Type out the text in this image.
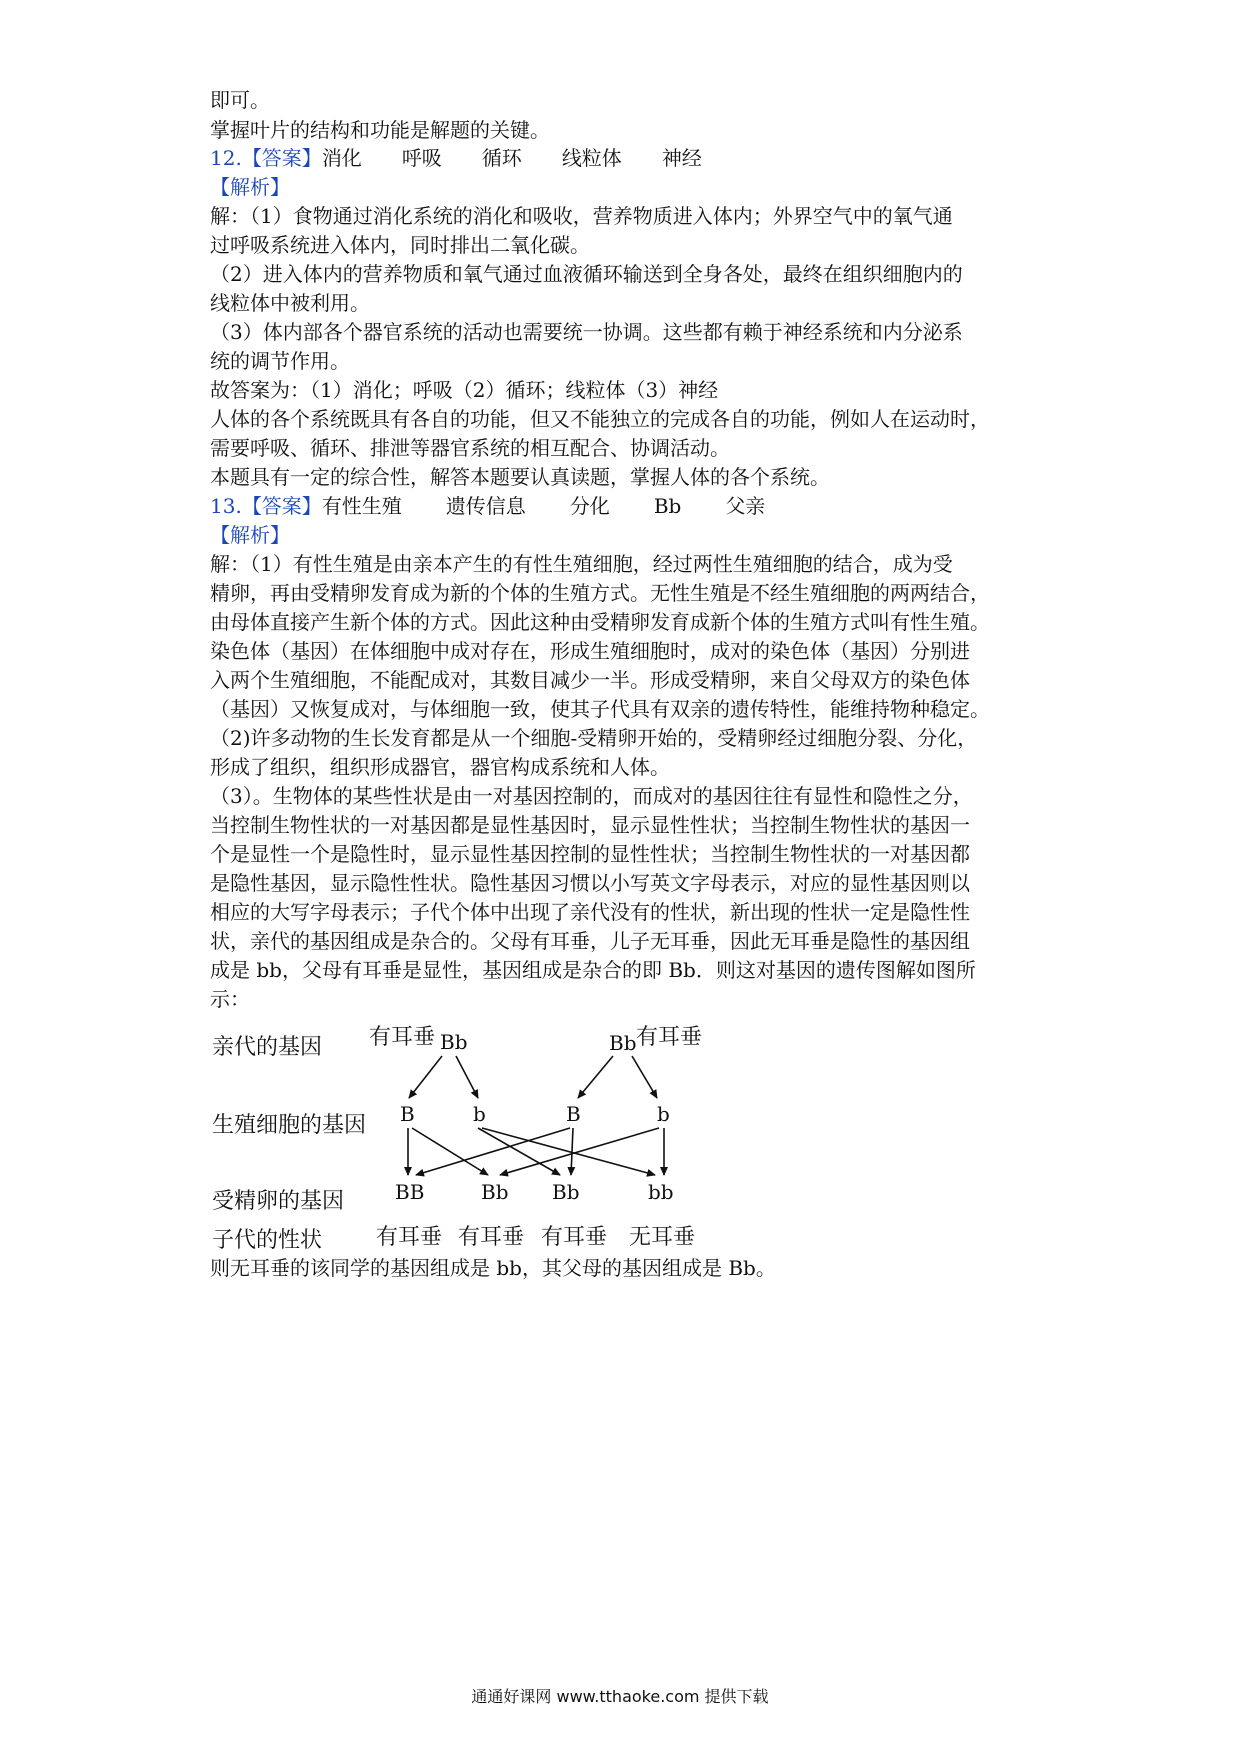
即可。
掌握叶片的结构和功能是解题的关键。
12.【答案】消化 呼吸 循环 线粒体 神经
【解析】
解：（1）食物通过消化系统的消化和吸收，营养物质进入体内；外界空气中的氧气通
过呼吸系统进入体内，同时排出二氧化碳。
（2）进入体内的营养物质和氧气通过血液循环输送到全身各处，最终在组织细胞内的
线粒体中被利用。
（3）体内部各个器官系统的活动也需要统一协调。这些都有赖于神经系统和内分泌系
统的调节作用。
故答案为：（1）消化；呼吸（2）循环；线粒体（3）神经
人体的各个系统既具有各自的功能，但又不能独立的完成各自的功能，例如人在运动时，
需要呼吸、循环、排泄等器官系统的相互配合、协调活动。
本题具有一定的综合性，解答本题要认真读题，掌握人体的各个系统。
13.【答案】有性生殖 遗传信息 分化 Bb 父亲
【解析】
解：（1）有性生殖是由亲本产生的有性生殖细胞，经过两性生殖细胞的结合，成为受
精卵，再由受精卵发育成为新的个体的生殖方式。无性生殖是不经生殖细胞的两两结合，
由母体直接产生新个体的方式。因此这种由受精卵发育成新个体的生殖方式叫有性生殖。
染色体（基因）在体细胞中成对存在，形成生殖细胞时，成对的染色体（基因）分别进
入两个生殖细胞，不能配成对，其数目减少一半。形成受精卵，来自父母双方的染色体
（基因）又恢复成对，与体细胞一致，使其子代具有双亲的遗传特性，能维持物种稳定。
（2)许多动物的生长发育都是从一个细胞-受精卵开始的，受精卵经过细胞分裂、分化，
形成了组织，组织形成器官，器官构成系统和人体。
（3）。生物体的某些性状是由一对基因控制的，而成对的基因往往有显性和隐性之分，
当控制生物性状的一对基因都是显性基因时，显示显性性状；当控制生物性状的基因一
个是显性一个是隐性时，显示显性基因控制的显性性状；当控制生物性状的一对基因都
是隐性基因，显示隐性性状。隐性基因习惯以小写英文字母表示，对应的显性基因则以
相应的大写字母表示；子代个体中出现了亲代没有的性状，新出现的性状一定是隐性性
状，亲代的基因组成是杂合的。父母有耳垂，儿子无耳垂，因此无耳垂是隐性的基因组
成是 bb，父母有耳垂是显性，基因组成是杂合的即 Bb．则这对基因的遗传图解如图所
示：
亲代的基因
生殖细胞的基因
受精卵的基因
子代的性状
有耳垂 Bb	Bb 有耳垂
B	b	B	b
BB	Bb Bb	bb
有耳垂 有耳垂 有耳垂 无耳垂
则无耳垂的该同学的基因组成是 bb，其父母的基因组成是 Bb。
通通好课网 www.tthaoke.com 提供下载
